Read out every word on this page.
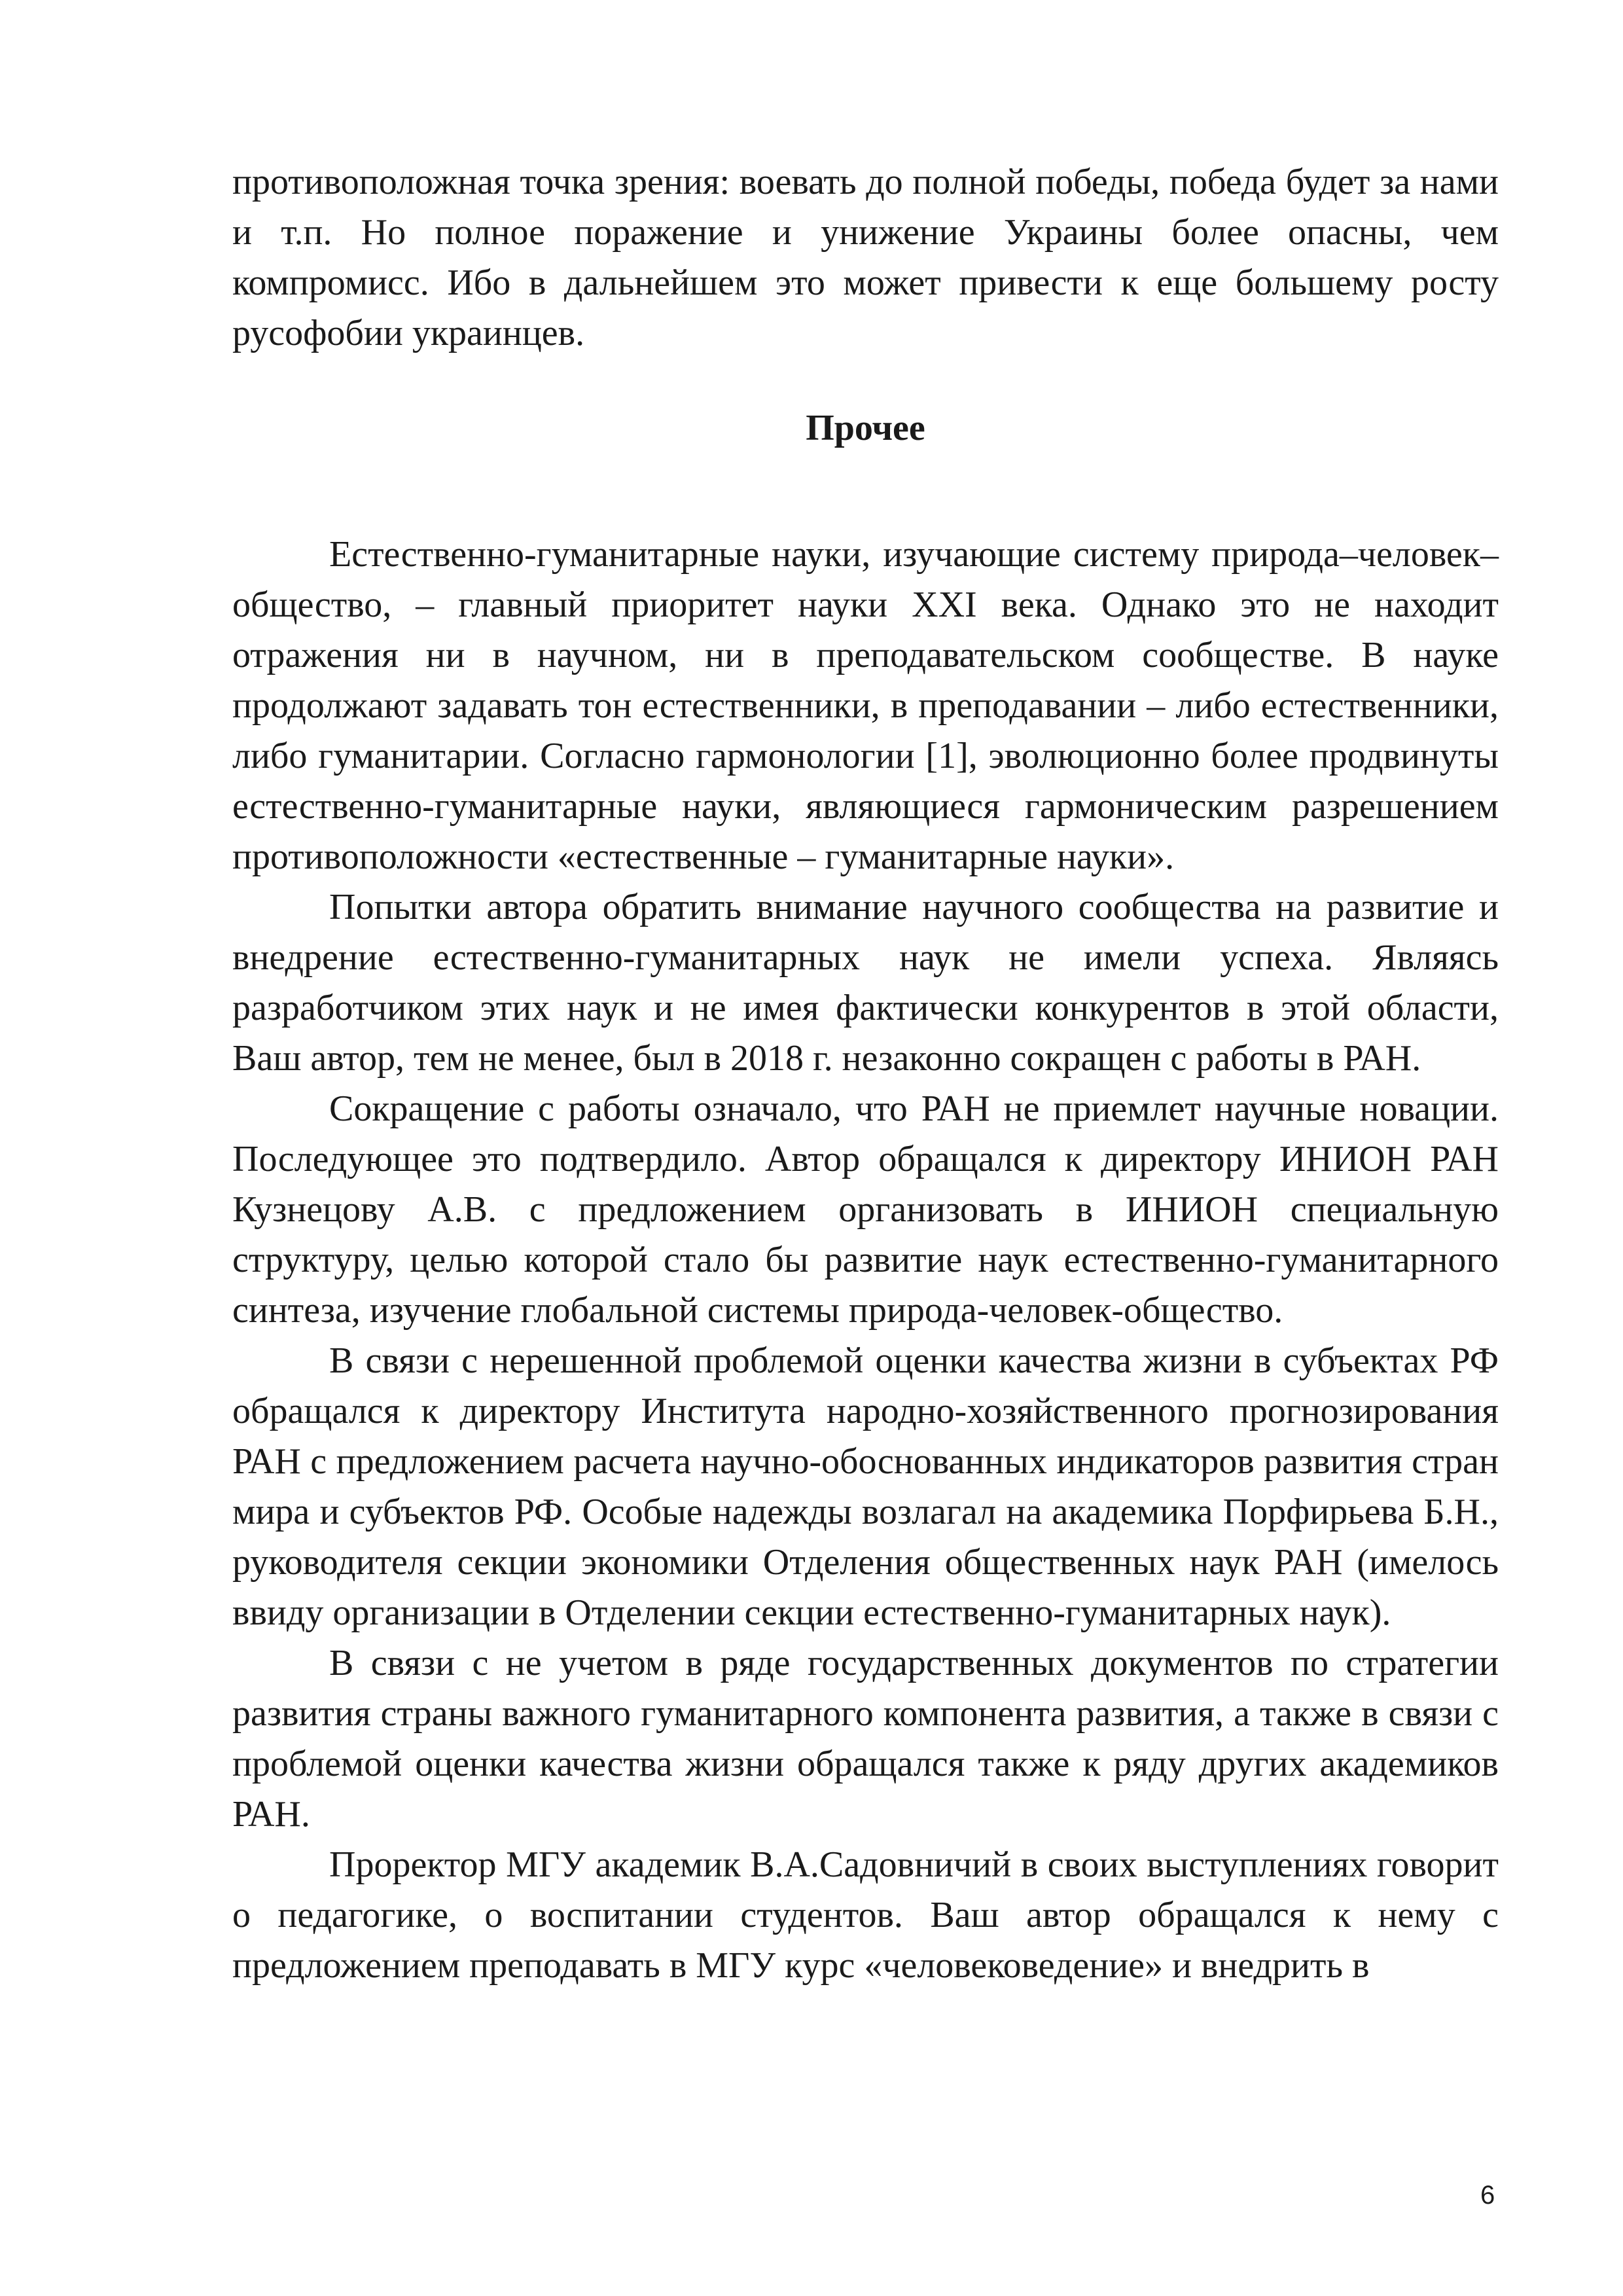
противоположная точка зрения: воевать до полной победы, победа будет за нами и т.п. Но полное поражение и унижение Украины более опасны, чем компромисс. Ибо в дальнейшем это может привести к еще большему росту русофобии украинцев.

Прочее

Естественно-гуманитарные науки, изучающие систему природа–человек–общество, – главный приоритет науки XXI века. Однако это не находит отражения ни в научном, ни в преподавательском сообществе. В науке продолжают задавать тон естественники, в преподавании – либо естественники, либо гуманитарии. Согласно гармонологии [1], эволюционно более продвинуты естественно-гуманитарные науки, являющиеся гармоническим разрешением противоположности «естественные – гуманитарные науки».

Попытки автора обратить внимание научного сообщества на развитие и внедрение естественно-гуманитарных наук не имели успеха. Являясь разработчиком этих наук и не имея фактически конкурентов в этой области, Ваш автор, тем не менее, был в 2018 г. незаконно сокращен с работы в РАН.

Сокращение с работы означало, что РАН не приемлет научные новации. Последующее это подтвердило. Автор обращался к директору ИНИОН РАН Кузнецову А.В. с предложением организовать в ИНИОН специальную структуру, целью которой стало бы развитие наук естественно-гуманитарного синтеза, изучение глобальной системы природа-человек-общество.

В связи с нерешенной проблемой оценки качества жизни в субъектах РФ обращался к директору Института народно-хозяйственного прогнозирования РАН с предложением расчета научно-обоснованных индикаторов развития стран мира и субъектов РФ. Особые надежды возлагал на академика Порфирьева Б.Н., руководителя секции экономики Отделения общественных наук РАН (имелось ввиду организации в Отделении секции естественно-гуманитарных наук).

В связи с не учетом в ряде государственных документов по стратегии развития страны важного гуманитарного компонента развития, а также в связи с проблемой оценки качества жизни обращался также к ряду других академиков РАН.

Проректор МГУ академик В.А.Садовничий в своих выступлениях говорит о педагогике, о воспитании студентов. Ваш автор обращался к нему с предложением преподавать в МГУ курс «человековедение» и внедрить в

6
